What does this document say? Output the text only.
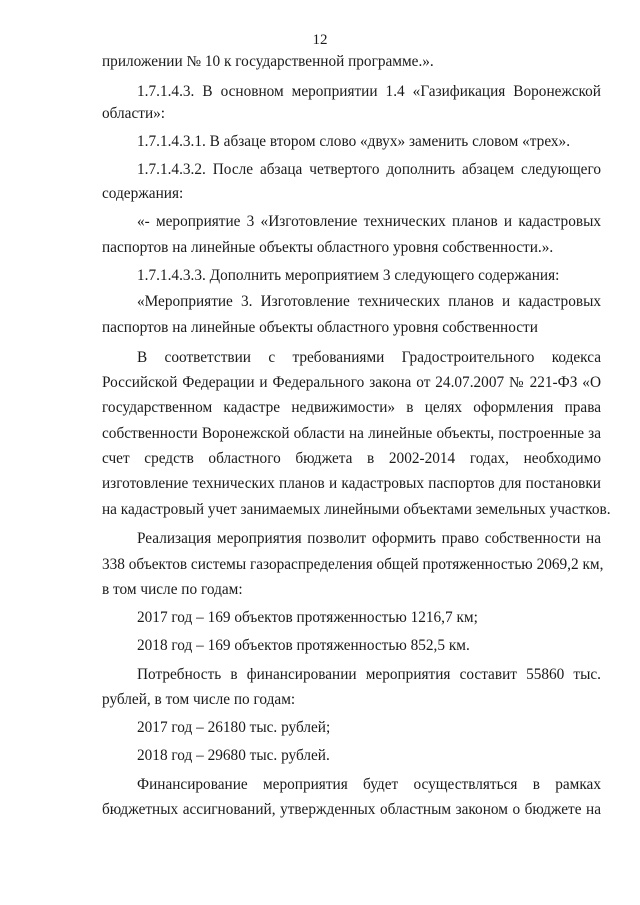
12
приложении № 10 к государственной программе.».
1.7.1.4.3. В основном мероприятии 1.4 «Газификация Воронежской
области»:
1.7.1.4.3.1. В абзаце втором слово «двух» заменить словом «трех».
1.7.1.4.3.2. После абзаца четвертого дополнить абзацем следующего
содержания:
«- мероприятие 3 «Изготовление технических планов и кадастровых
паспортов на линейные объекты областного уровня собственности.».
1.7.1.4.3.3. Дополнить мероприятием 3 следующего содержания:
«Мероприятие 3. Изготовление технических планов и кадастровых
паспортов на линейные объекты областного уровня собственности
В соответствии с требованиями Градостроительного кодекса
Российской Федерации и Федерального закона от 24.07.2007 № 221-ФЗ «О
государственном кадастре недвижимости» в целях оформления права
собственности Воронежской области на линейные объекты, построенные за
счет средств областного бюджета в 2002-2014 годах, необходимо
изготовление технических планов и кадастровых паспортов для постановки
на кадастровый учет занимаемых линейными объектами земельных участков.
Реализация мероприятия позволит оформить право собственности на
338 объектов системы газораспределения общей протяженностью 2069,2 км,
в том числе по годам:
2017 год – 169 объектов протяженностью 1216,7 км;
2018 год – 169 объектов протяженностью 852,5 км.
Потребность в финансировании мероприятия составит 55860 тыс.
рублей, в том числе по годам:
2017 год – 26180 тыс. рублей;
2018 год – 29680 тыс. рублей.
Финансирование мероприятия будет осуществляться в рамках
бюджетных ассигнований, утвержденных областным законом о бюджете на
